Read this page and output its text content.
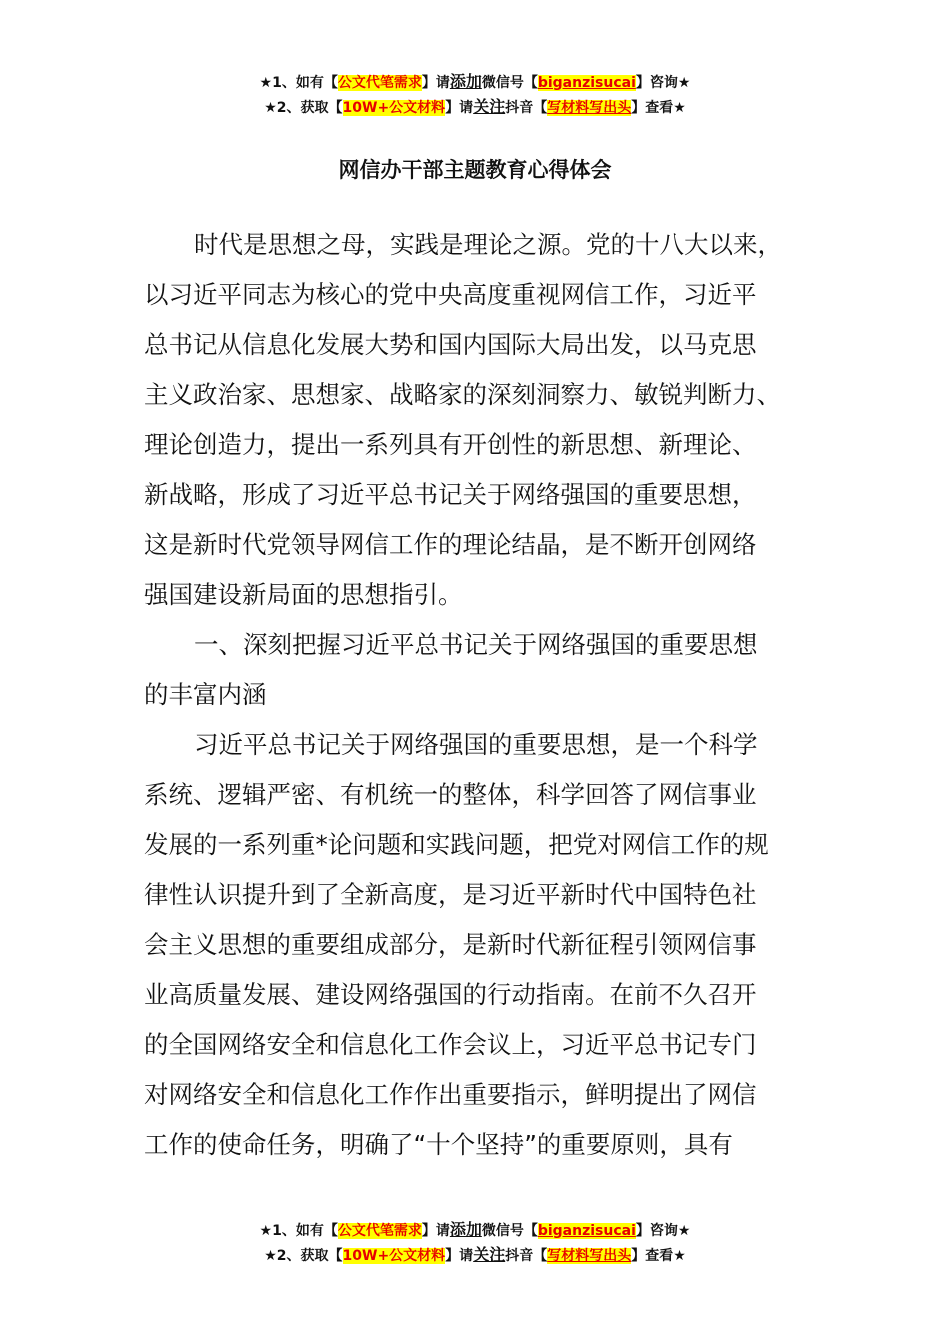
★1、如有【公文代笔需求】请添加微信号【biganzisucai】咨询★
★2、获取【10W+公文材料】请关注抖音【写材料写出头】查看★
网信办干部主题教育心得体会
时代是思想之母，实践是理论之源。党的十八大以来，
以习近平同志为核心的党中央高度重视网信工作，习近平
总书记从信息化发展大势和国内国际大局出发，以马克思
主义政治家、思想家、战略家的深刻洞察力、敏锐判断力、
理论创造力，提出一系列具有开创性的新思想、新理论、
新战略，形成了习近平总书记关于网络强国的重要思想，
这是新时代党领导网信工作的理论结晶，是不断开创网络
强国建设新局面的思想指引。
一、深刻把握习近平总书记关于网络强国的重要思想
的丰富内涵
习近平总书记关于网络强国的重要思想，是一个科学
系统、逻辑严密、有机统一的整体，科学回答了网信事业
发展的一系列重*论问题和实践问题，把党对网信工作的规
律性认识提升到了全新高度，是习近平新时代中国特色社
会主义思想的重要组成部分，是新时代新征程引领网信事
业高质量发展、建设网络强国的行动指南。在前不久召开
的全国网络安全和信息化工作会议上，习近平总书记专门
对网络安全和信息化工作作出重要指示，鲜明提出了网信
工作的使命任务，明确了“十个坚持”的重要原则，具有
★1、如有【公文代笔需求】请添加微信号【biganzisucai】咨询★
★2、获取【10W+公文材料】请关注抖音【写材料写出头】查看★
